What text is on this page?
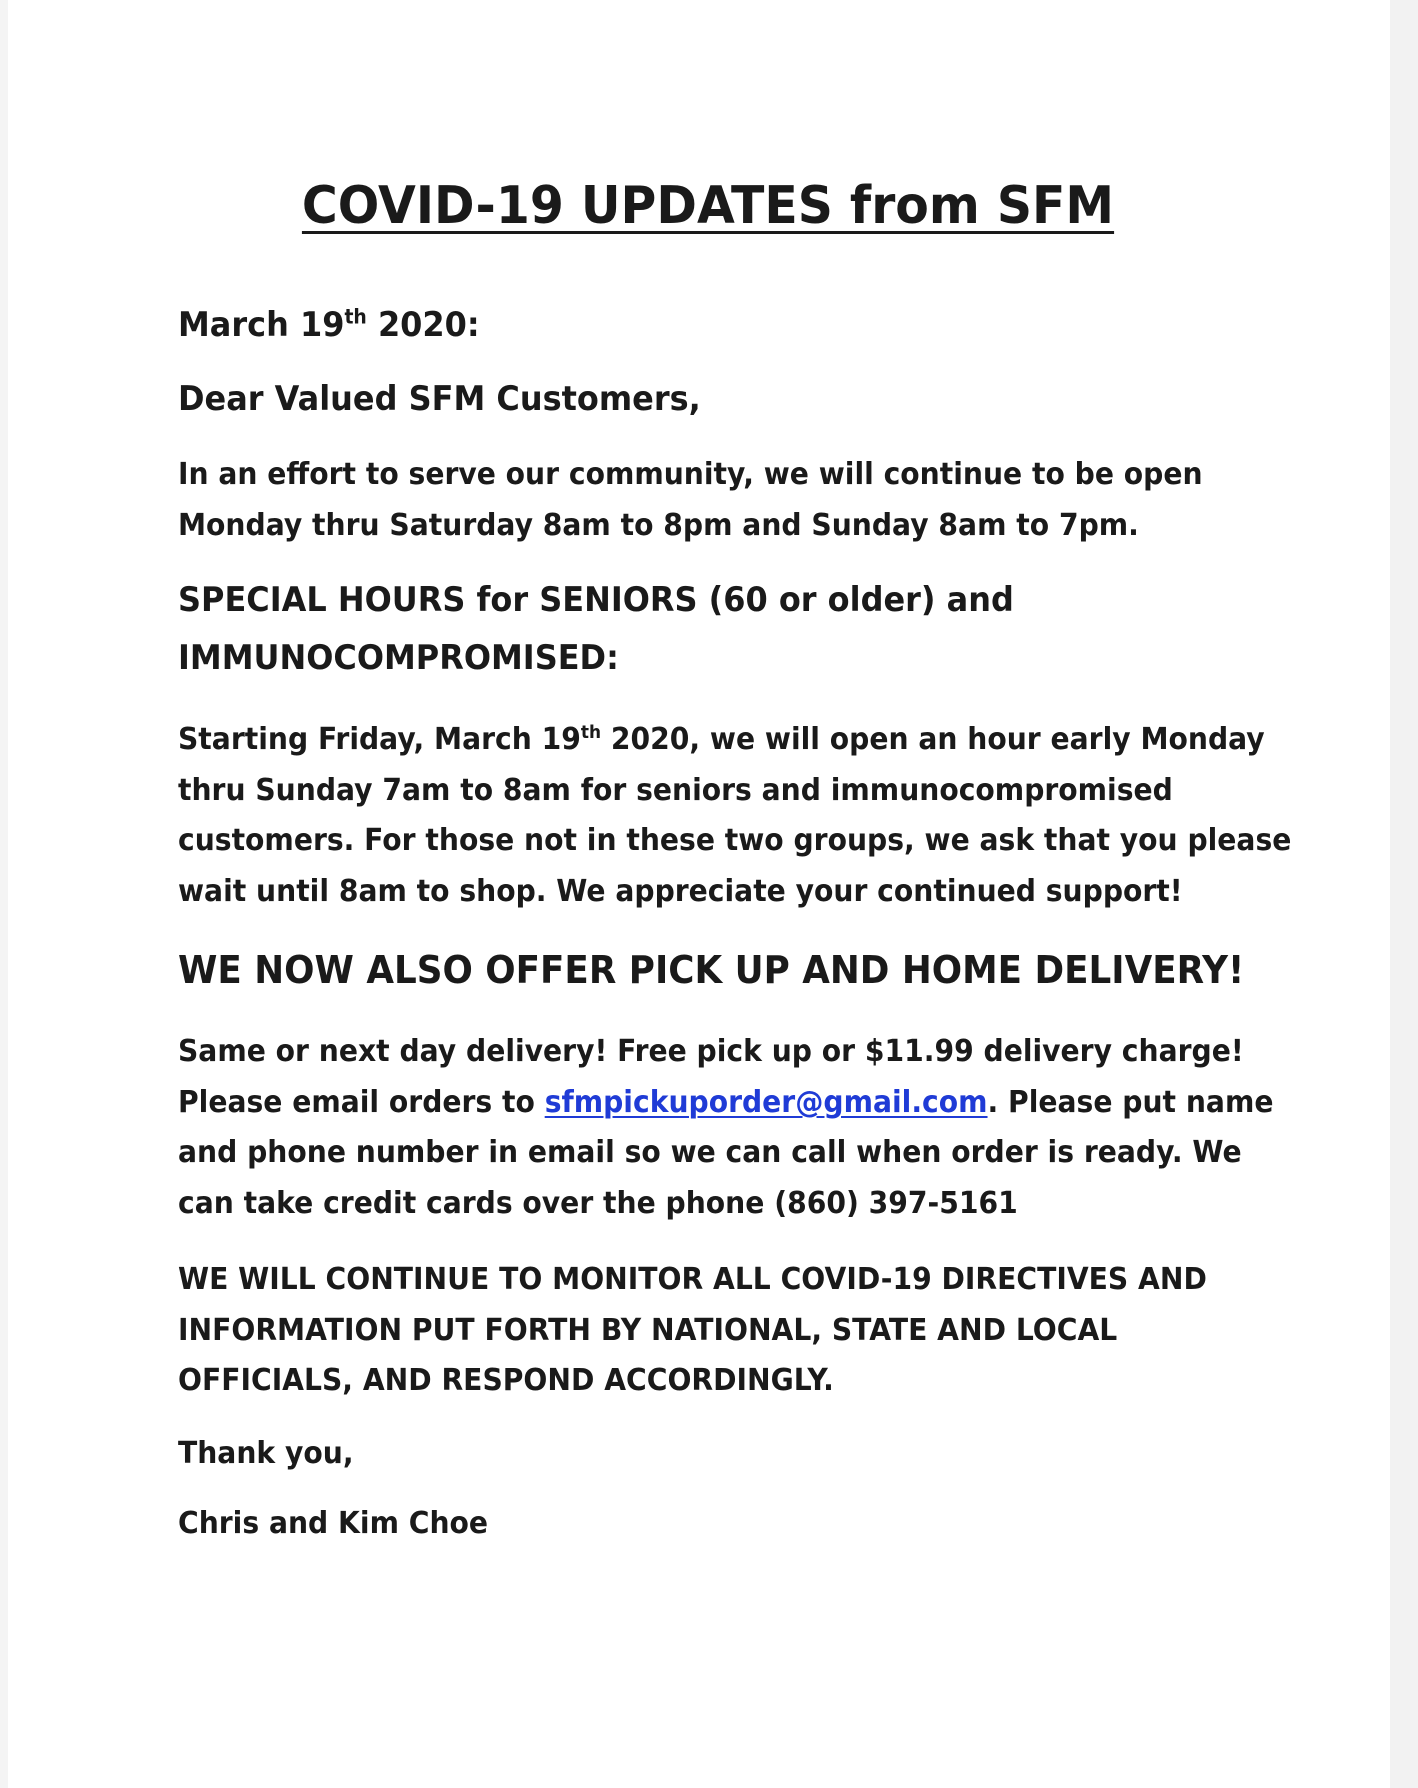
COVID-19 UPDATES from SFM
March 19th 2020:
Dear Valued SFM Customers,
In an effort to serve our community, we will continue to be open
Monday thru Saturday 8am to 8pm and Sunday 8am to 7pm.
SPECIAL HOURS for SENIORS (60 or older) and
IMMUNOCOMPROMISED:
Starting Friday, March 19th 2020, we will open an hour early Monday
thru Sunday 7am to 8am for seniors and immunocompromised
customers. For those not in these two groups, we ask that you please
wait until 8am to shop. We appreciate your continued support!
WE NOW ALSO OFFER PICK UP AND HOME DELIVERY!
Same or next day delivery! Free pick up or $11.99 delivery charge!
Please email orders to sfmpickuporder@gmail.com. Please put name
and phone number in email so we can call when order is ready. We
can take credit cards over the phone (860) 397-5161
WE WILL CONTINUE TO MONITOR ALL COVID-19 DIRECTIVES AND
INFORMATION PUT FORTH BY NATIONAL, STATE AND LOCAL
OFFICIALS, AND RESPOND ACCORDINGLY.
Thank you,
Chris and Kim Choe
